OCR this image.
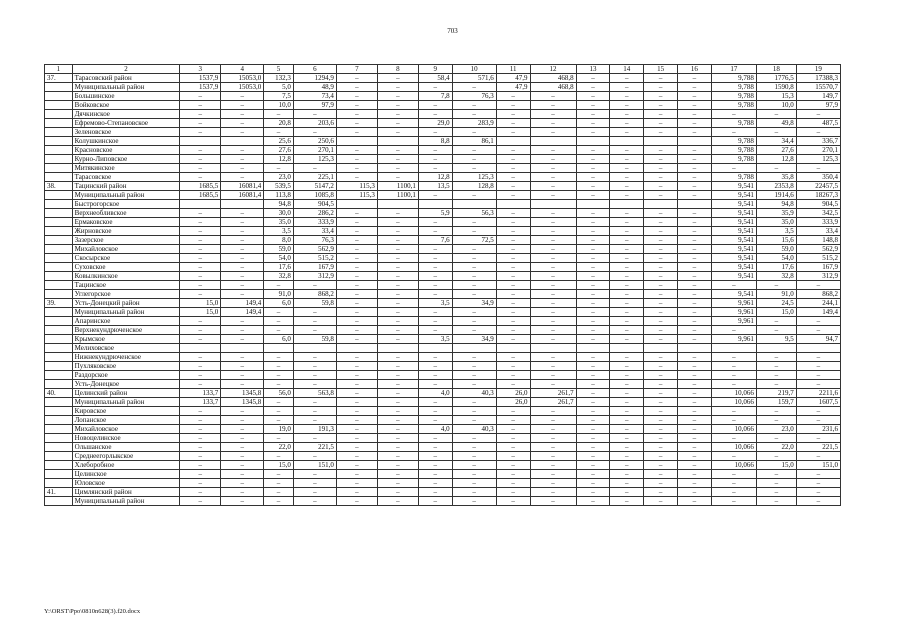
703
1	2	3	4	5	6	7	8	9	10	11	12	13	14	15	16	17	18	19
37.	Тарасовский район	1537,9	15053,0	132,3	1294,9	–	–	58,4	571,6	47,9	468,8	–	–	–	–	9,788	1776,5	17388,3
	Муниципальный район	1537,9	15053,0	5,0	48,9	–	–	–	–	47,9	468,8	–	–	–	–	9,788	1590,8	15570,7
	Большинское	–	–	7,5	73,4	–	–	7,8	76,3	–	–	–	–	–	–	9,788	15,3	149,7
	Войковское	–	–	10,0	97,9	–	–	–	–	–	–	–	–	–	–	9,788	10,0	97,9
	Дячкинское	–	–	–	–	–	–	–	–	–	–	–	–	–	–	–	–	–
	Ефремово-Степановское	–	–	20,8	203,6	–	–	29,0	283,9	–	–	–	–	–	–	9,788	49,8	487,5
	Зеленовское	–	–	–	–	–	–	–	–	–	–	–	–	–	–	–	–	–
	Колушкинское			25,6	250,6			8,8	86,1							9,788	34,4	336,7
	Красновское	–	–	27,6	270,1	–	–	–	–	–	–	–	–	–	–	9,788	27,6	270,1
	Курно-Липовское	–	–	12,8	125,3	–	–	–	–	–	–	–	–	–	–	9,788	12,8	125,3
	Митякинское	–	–	–	–	–	–	–	–	–	–	–	–	–	–	–	–	–
	Тарасовское	–	–	23,0	225,1	–	–	12,8	125,3	–	–	–	–	–	–	9,788	35,8	350,4
38.	Тацинский район	1685,5	16081,4	539,5	5147,2	115,3	1100,1	13,5	128,8	–	–	–	–	–	–	9,541	2353,8	22457,5
	Муниципальный район	1685,5	16081,4	113,8	1085,8	115,3	1100,1	–	–	–	–	–	–	–	–	9,541	1914,6	18267,3
	Быстрогорское			94,8	904,5											9,541	94,8	904,5
	Верхнеобливское	–	–	30,0	286,2	–	–	5,9	56,3	–	–	–	–	–	–	9,541	35,9	342,5
	Ермаковское	–	–	35,0	333,9	–	–	–	–	–	–	–	–	–	–	9,541	35,0	333,9
	Жирновское	–	–	3,5	33,4	–	–	–	–	–	–	–	–	–	–	9,541	3,5	33,4
	Зазерское	–	–	8,0	76,3	–	–	7,6	72,5	–	–	–	–	–	–	9,541	15,6	148,8
	Михайловское	–	–	59,0	562,9	–	–	–	–	–	–	–	–	–	–	9,541	59,0	562,9
	Скосырское	–	–	54,0	515,2	–	–	–	–	–	–	–	–	–	–	9,541	54,0	515,2
	Суховское	–	–	17,6	167,9	–	–	–	–	–	–	–	–	–	–	9,541	17,6	167,9
	Ковылкинское	–	–	32,8	312,9	–	–	–	–	–	–	–	–	–	–	9,541	32,8	312,9
	Тацинское	–	–	–	–	–	–	–	–	–	–	–	–	–	–	–	–	–
	Углегорское	–	–	91,0	868,2	–	–	–	–	–	–	–	–	–	–	9,541	91,0	868,2
39.	Усть-Донецкий район	15,0	149,4	6,0	59,8	–	–	3,5	34,9	–	–	–	–	–	–	9,961	24,5	244,1
	Муниципальный район	15,0	149,4	–	–	–	–	–	–	–	–	–	–	–	–	9,961	15,0	149,4
	Апаринское	–	–	–	–	–	–	–	–	–	–	–	–	–	–	9,961	–	–
	Верхнекундрюченское	–	–	–	–	–	–	–	–	–	–	–	–	–	–	–	–	–
	Крымское	–	–	6,0	59,8	–	–	3,5	34,9	–	–	–	–	–	–	9,961	9,5	94,7
	Мелиховское																	
	Нижнекундрюченское	–	–	–	–	–	–	–	–	–	–	–	–	–	–	–	–	–
	Пухляковское	–	–	–	–	–	–	–	–	–	–	–	–	–	–	–	–	–
	Раздорское	–	–	–	–	–	–	–	–	–	–	–	–	–	–	–	–	–
	Усть-Донецкое	–	–	–	–	–	–	–	–	–	–	–	–	–	–	–	–	–
40.	Целинский район	133,7	1345,8	56,0	563,8	–	–	4,0	40,3	26,0	261,7	–	–	–	–	10,066	219,7	2211,6
	Муниципальный район	133,7	1345,8	–	–	–	–	–	–	26,0	261,7	–	–	–	–	10,066	159,7	1607,5
	Кировское	–	–	–	–	–	–	–	–	–	–	–	–	–	–	–	–	–
	Лопанское	–	–	–	–	–	–	–	–	–	–	–	–	–	–	–	–	–
	Михайловское	–	–	19,0	191,3	–	–	4,0	40,3	–	–	–	–	–	–	10,066	23,0	231,6
	Новоцелинское	–	–	–	–	–	–	–	–	–	–	–	–	–	–	–	–	–
	Ольшанское	–	–	22,0	221,5	–	–	–	–	–	–	–	–	–	–	10,066	22,0	221,5
	Среднеегорлыкское	–	–	–	–	–	–	–	–	–	–	–	–	–	–	–	–	–
	Хлеборобное	–	–	15,0	151,0	–	–	–	–	–	–	–	–	–	–	10,066	15,0	151,0
	Целинское	–	–	–	–	–	–	–	–	–	–	–	–	–	–	–	–	–
	Юловское	–	–	–	–	–	–	–	–	–	–	–	–	–	–	–	–	–
41.	Цимлянский район	–	–	–	–	–	–	–	–	–	–	–	–	–	–	–	–	–
	Муниципальный район	–	–	–	–	–	–	–	–	–	–	–	–	–	–	–	–	–
Y:\ORST\Ppo\0810n628(3).f20.docx
